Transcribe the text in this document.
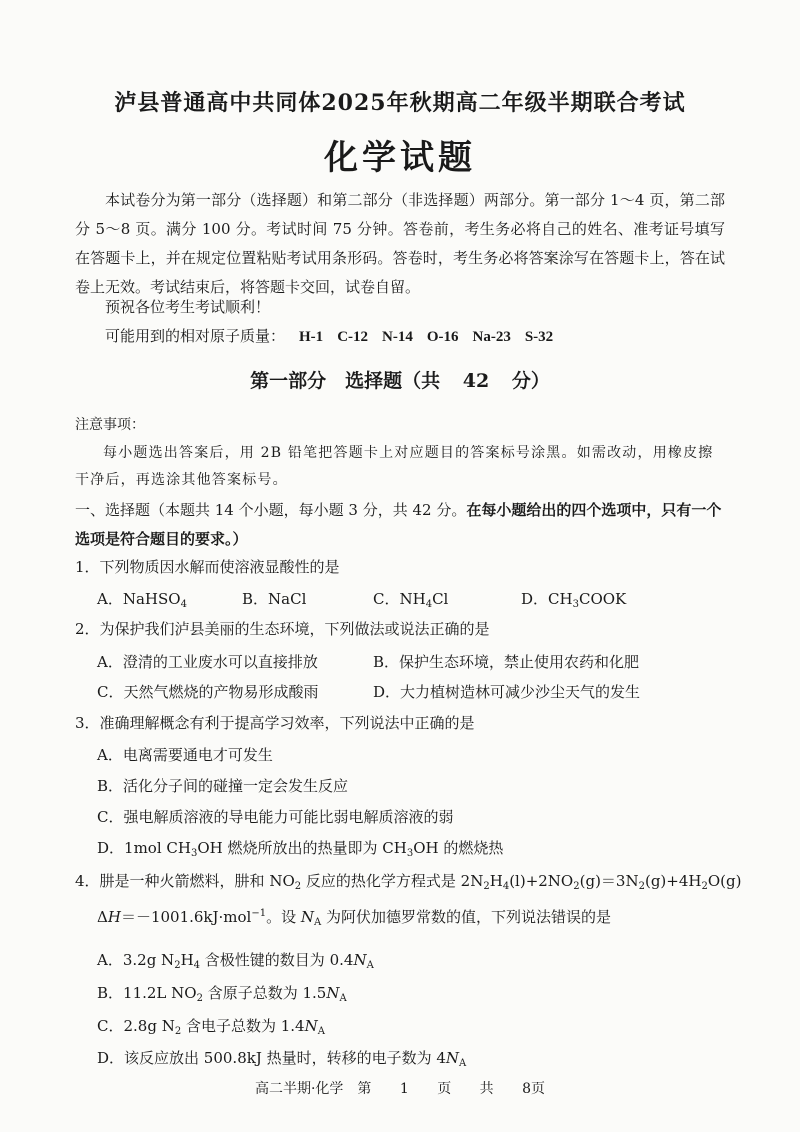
泸县普通高中共同体2025年秋期高二年级半期联合考试
化学试题
本试卷分为第一部分（选择题）和第二部分（非选择题）两部分。第一部分 1～4 页，第二部分 5～8 页。满分 100 分。考试时间 75 分钟。答卷前，考生务必将自己的姓名、准考证号填写在答题卡上，并在规定位置粘贴考试用条形码。答卷时，考生务必将答案涂写在答题卡上，答在试卷上无效。考试结束后，将答题卡交回，试卷自留。
预祝各位考生考试顺利！
可能用到的相对原子质量： H-1 C-12 N-14 O-16 Na-23 S-32
第一部分　选择题（共 42 分）
注意事项：
每小题选出答案后，用 2B 铅笔把答题卡上对应题目的答案标号涂黑。如需改动，用橡皮擦干净后，再选涂其他答案标号。
一、选择题（本题共 14 个小题，每小题 3 分，共 42 分。在每小题给出的四个选项中，只有一个选项是符合题目的要求。）
1．下列物质因水解而使溶液显酸性的是
A．NaHSO$_4$	B．NaCl	C．$NH_4Cl$	D．$CH_3COOK$
2．为保护我们泸县美丽的生态环境，下列做法或说法正确的是
A．澄清的工业废水可以直接排放	B．保护生态环境，禁止使用农药和化肥
C．天然气燃烧的产物易形成酸雨	D．大力植树造林可减少沙尘天气的发生
3．准确理解概念有利于提高学习效率，下列说法中正确的是
A．电离需要通电才可发生
B．活化分子间的碰撞一定会发生反应
C．强电解质溶液的导电能力可能比弱电解质溶液的弱
D．1mol $CH_3OH$ 燃烧所放出的热量即为 $CH_3OH$ 的燃烧热
4．肼是一种火箭燃料，肼和 $NO_2$ 反应的热化学方程式是 $2N_2H_4(l)+2NO_2(g)=3N_2(g)+4H_2O(g)$
ΔH＝－1001.6kJ·mol$^{-1}$。设 $N_A$ 为阿伏加德罗常数的值，下列说法错误的是
A．3.2g $N_2H_4$ 含极性键的数目为 $0.4N_A$
B．11.2L $NO_2$ 含原子总数为 $1.5N_A$
C．2.8g $N_2$ 含电子总数为 $1.4N_A$
D．该反应放出 500.8kJ 热量时，转移的电子数为 $4N_A$
高二半期·化学　第 1 页 共 8页
